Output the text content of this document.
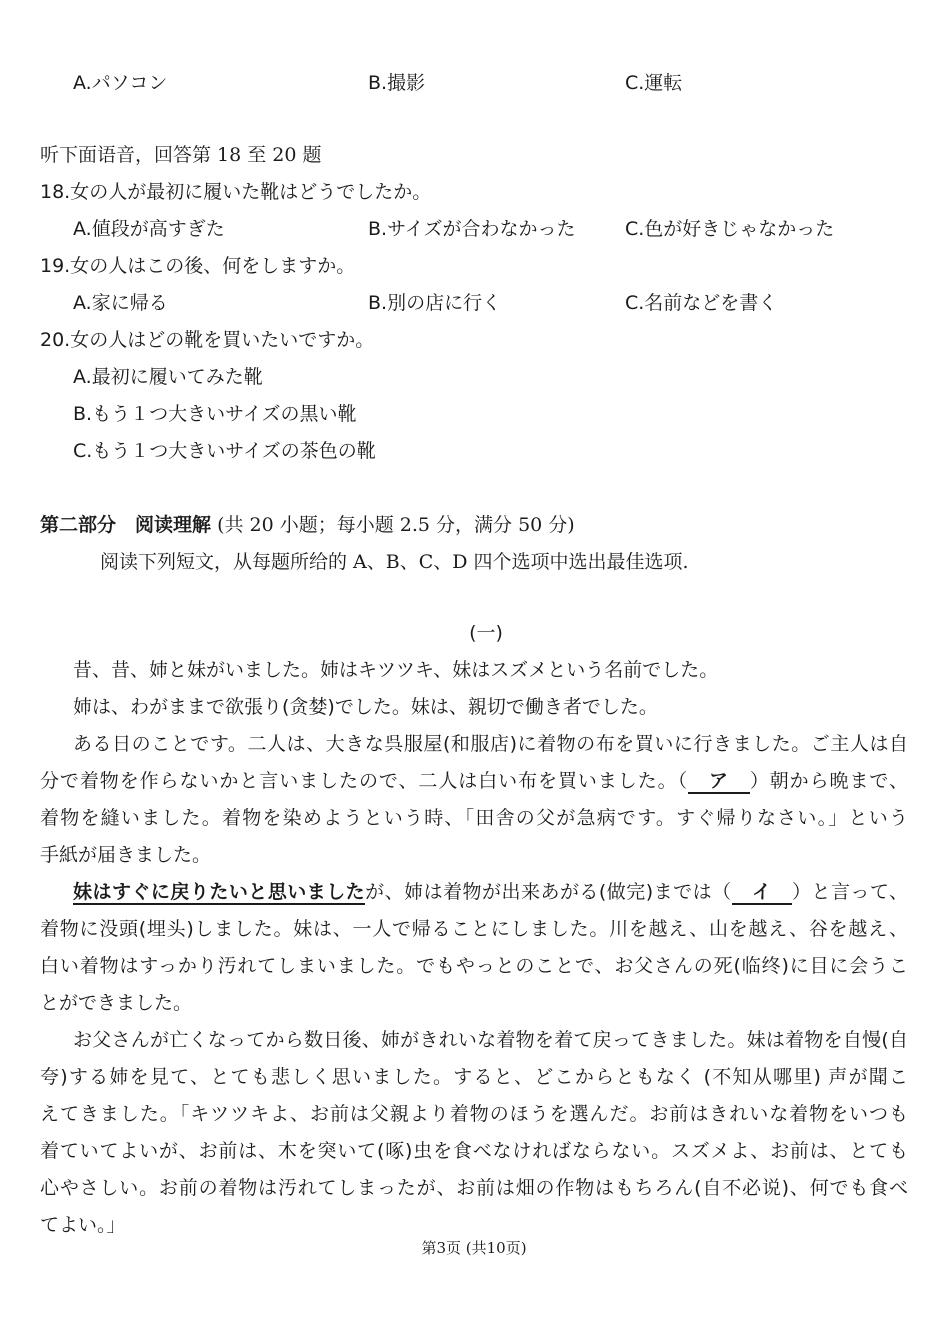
A.パソコン	B.撮影	C.運転
听下面语音，回答第 18 至 20 题
18.女の人が最初に履いた靴はどうでしたか。
A.値段が高すぎた	B.サイズが合わなかった	C.色が好きじゃなかった
19.女の人はこの後、何をしますか。
A.家に帰る	B.別の店に行く	C.名前などを書く
20.女の人はどの靴を買いたいですか。
A.最初に履いてみた靴
B.もう１つ大きいサイズの黒い靴
C.もう１つ大きいサイズの茶色の靴
第二部分　阅读理解 (共 20 小题；每小题 2.5 分，满分 50 分)
阅读下列短文，从每题所给的 A、B、C、D 四个选项中选出最佳选项.
(一)
昔、昔、姉と妹がいました。姉はキツツキ、妹はスズメという名前でした。
姉は、わがままで欲張り(贪婪)でした。妹は、親切で働き者でした。
ある日のことです。二人は、大きな呉服屋(和服店)に着物の布を買いに行きました。ご主人は自
分で着物を作らないかと言いましたので、二人は白い布を買いました。（　ア　）朝から晩まで、
着物を縫いました。着物を染めようという時、「田舎の父が急病です。すぐ帰りなさい。」という
手紙が届きました。
妹はすぐに戻りたいと思いましたが、姉は着物が出来あがる(做完)までは（　イ　）と言って、
着物に没頭(埋头)しました。妹は、一人で帰ることにしました。川を越え、山を越え、谷を越え、
白い着物はすっかり汚れてしまいました。でもやっとのことで、お父さんの死(临终)に目に会うこ
とができました。
お父さんが亡くなってから数日後、姉がきれいな着物を着て戻ってきました。妹は着物を自慢(自
夸)する姉を見て、とても悲しく思いました。すると、どこからともなく (不知从哪里) 声が聞こ
えてきました。「キツツキよ、お前は父親より着物のほうを選んだ。お前はきれいな着物をいつも
着ていてよいが、お前は、木を突いて(啄)虫を食べなければならない。スズメよ、お前は、とても
心やさしい。お前の着物は汚れてしまったが、お前は畑の作物はもちろん(自不必说)、何でも食べ
てよい。」
第3页 (共10页)
